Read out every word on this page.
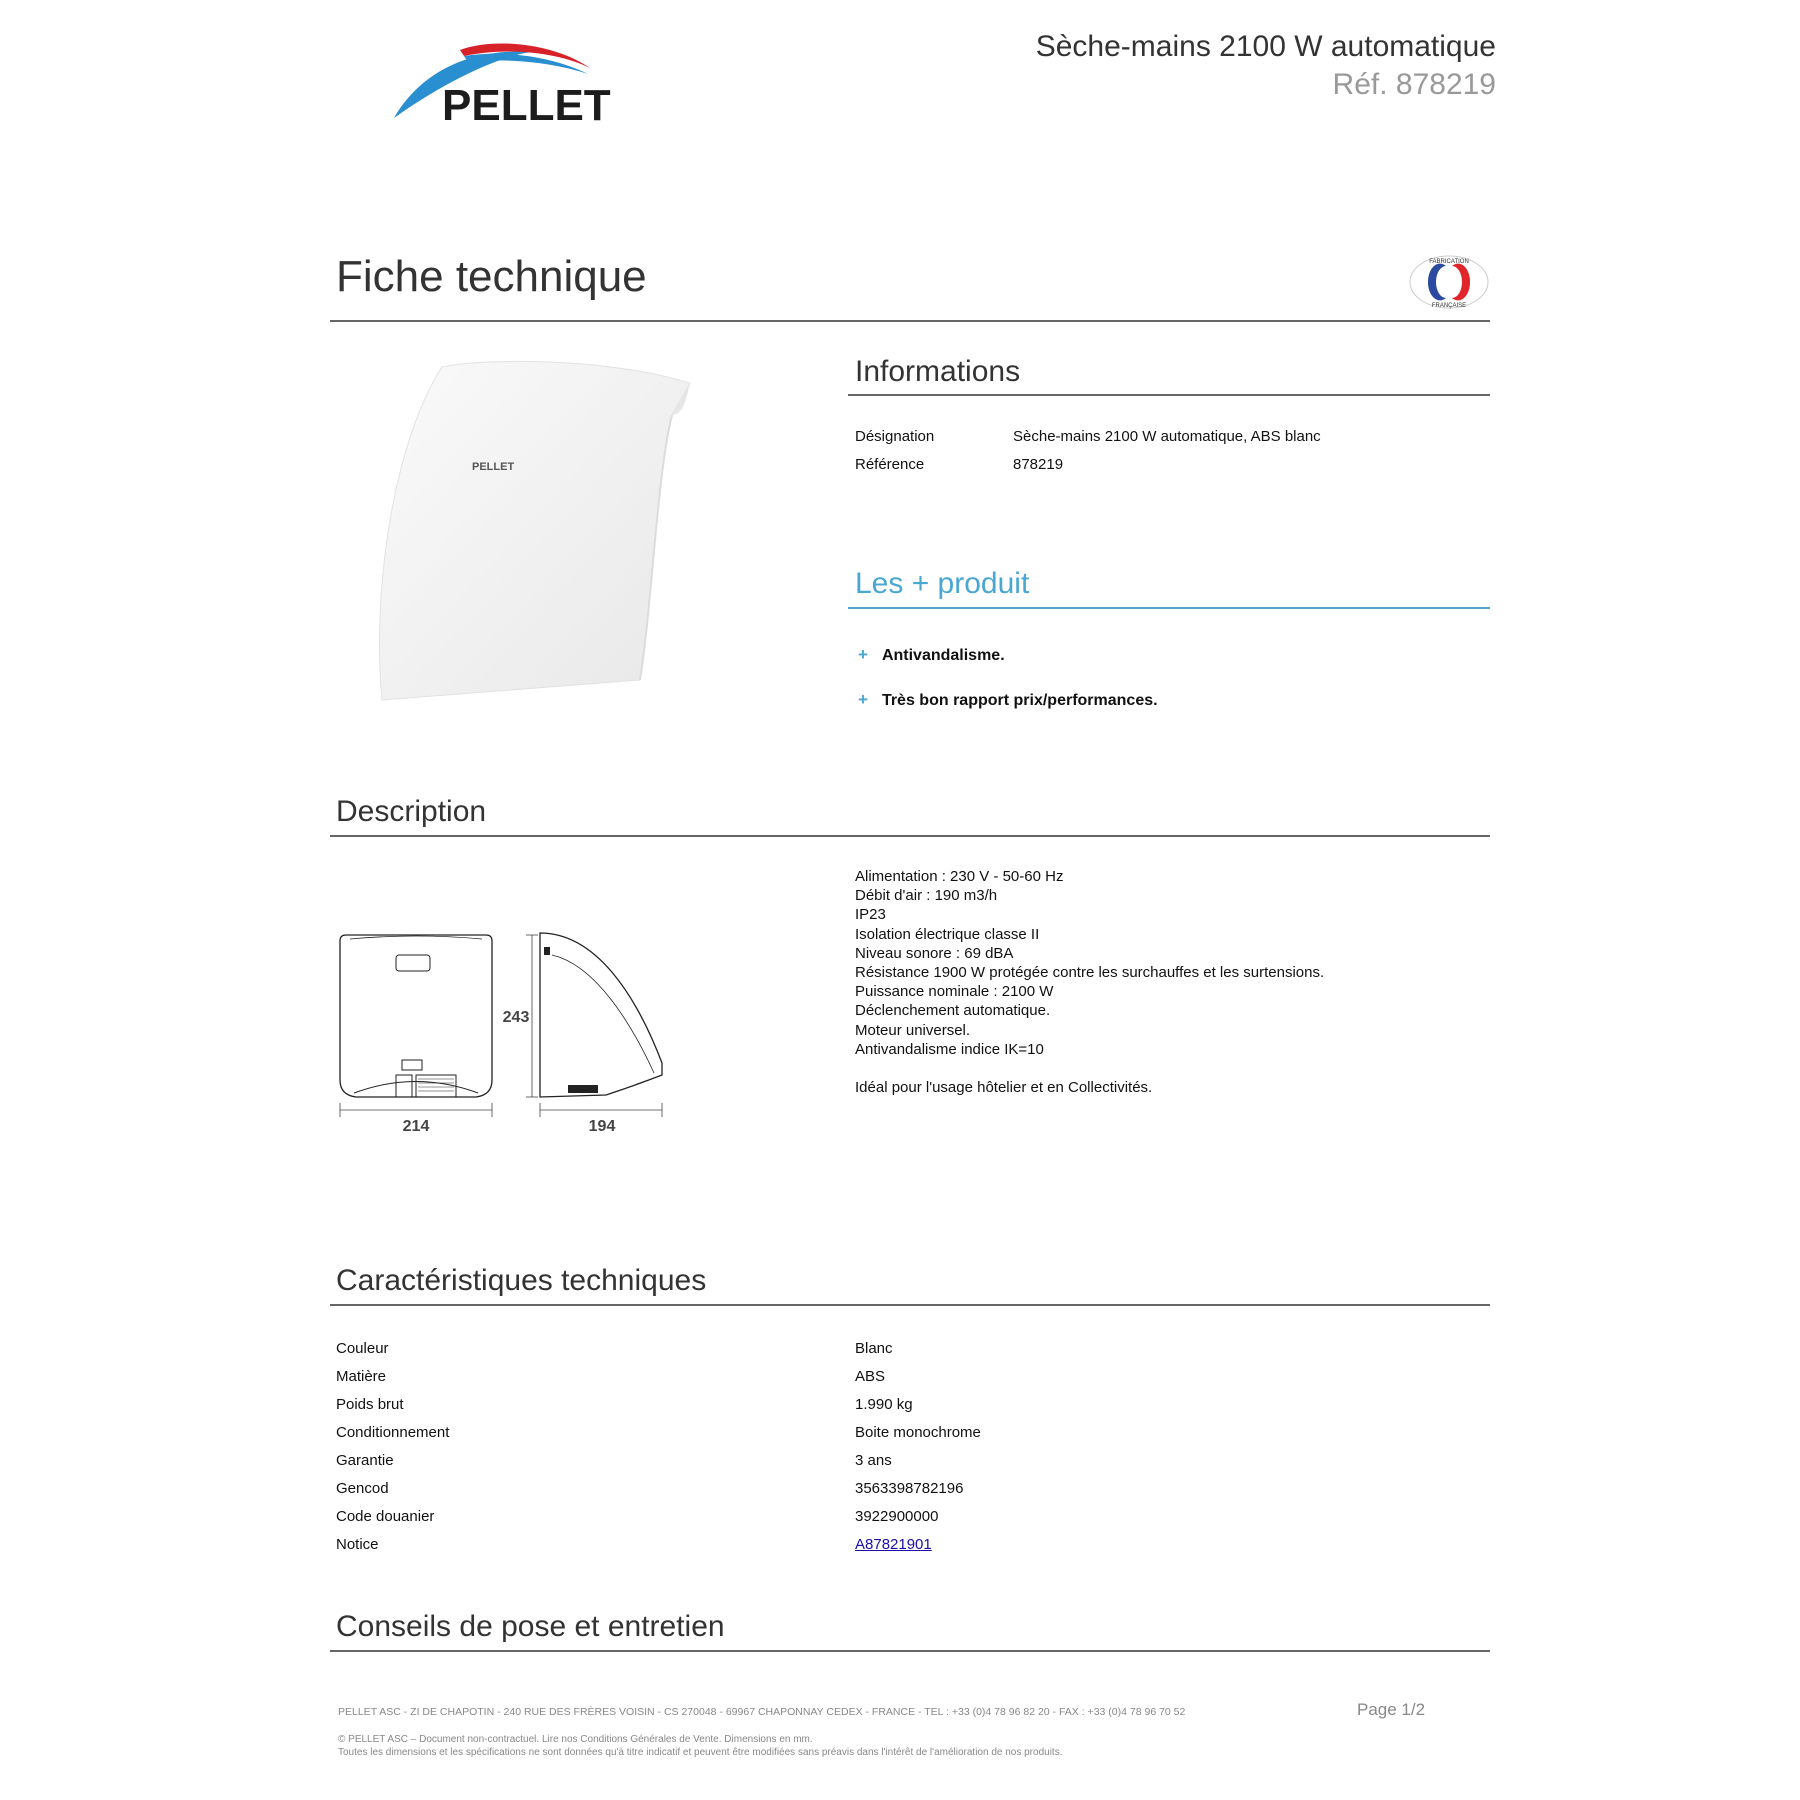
PELLET
Sèche-mains 2100 W automatique
Réf. 878219
Fiche technique	FABRICATION
FRANÇAISE
PELLET
Informations
Désignation	Sèche-mains 2100 W automatique, ABS blanc
Référence	878219
Les + produit
+ Antivandalisme.
+ Très bon rapport prix/performances.
Description
214
243
194
Alimentation : 230 V - 50-60 Hz
Débit d'air : 190 m3/h
IP23
Isolation électrique classe II
Niveau sonore : 69 dBA
Résistance 1900 W protégée contre les surchauffes et les surtensions.
Puissance nominale : 2100 W
Déclenchement automatique.
Moteur universel.
Antivandalisme indice IK=10
Idéal pour l'usage hôtelier et en Collectivités.
Caractéristiques techniques
Couleur	Blanc
Matière	ABS
Poids brut	1.990 kg
Conditionnement	Boite monochrome
Garantie	3 ans
Gencod	3563398782196
Code douanier	3922900000
Notice	A87821901
Conseils de pose et entretien
PELLET ASC - ZI DE CHAPOTIN - 240 RUE DES FRÈRES VOISIN - CS 270048 - 69967 CHAPONNAY CEDEX - FRANCE - TEL : +33 (0)4 78 96 82 20 - FAX : +33 (0)4 78 96 70 52	Page 1/2
© PELLET ASC – Document non-contractuel. Lire nos Conditions Générales de Vente. Dimensions en mm.
Toutes les dimensions et les spécifications ne sont données qu'à titre indicatif et peuvent être modifiées sans préavis dans l'intérêt de l'amélioration de nos produits.
